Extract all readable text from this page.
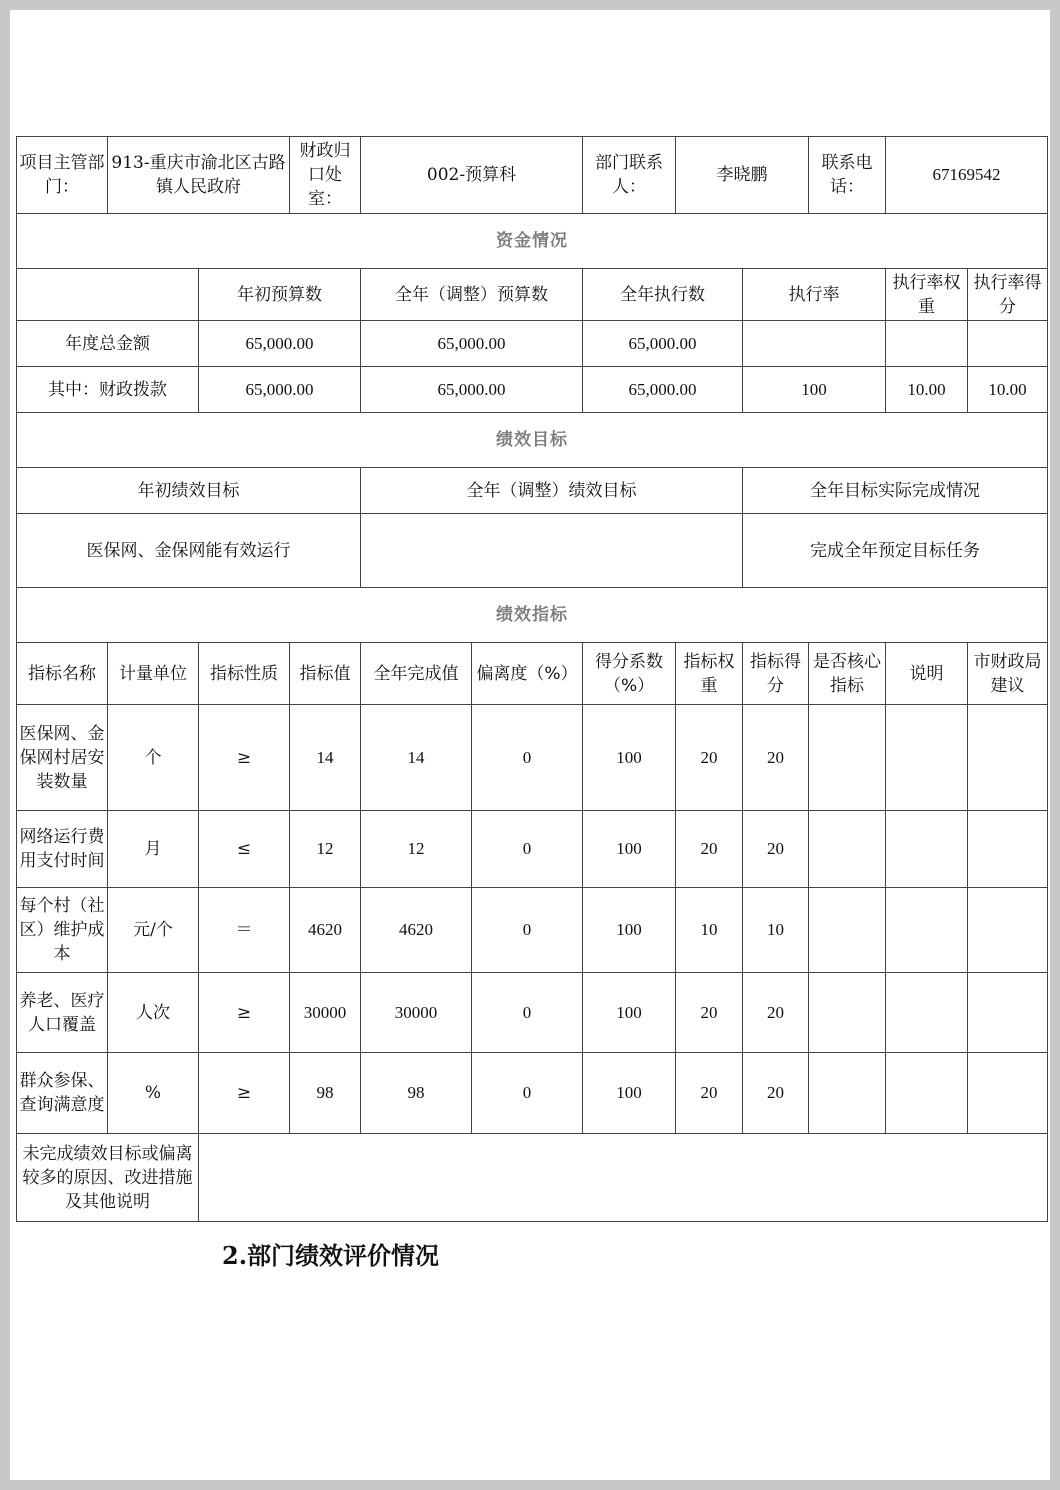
项目主管部门：	913-重庆市渝北区古路镇人民政府		财政归口处室：	002-预算科		部门联系人：	李晓鹏		联系电话：	67169542	
资金情况											
		年初预算数		全年（调整）预算数		全年执行数		执行率		执行率权重	执行率得分
年度总金额		65,000.00		65,000.00		65,000.00					
其中：财政拨款		65,000.00		65,000.00		65,000.00		100		10.00	10.00
绩效目标											
年初绩效目标				全年（调整）绩效目标				全年目标实际完成情况			
医保网、金保网能有效运行								完成全年预定目标任务			
绩效指标											
指标名称	计量单位	指标性质	指标值	全年完成值	偏离度（%）	得分系数（%）	指标权重	指标得分	是否核心指标	说明	市财政局建议
医保网、金保网村居安装数量	个	≥	14	14	0	100	20	20			
网络运行费用支付时间	月	≤	12	12	0	100	20	20			
每个村（社区）维护成本	元/个	＝	4620	4620	0	100	10	10			
养老、医疗人口覆盖	人次	≥	30000	30000	0	100	20	20			
群众参保、查询满意度	%	≥	98	98	0	100	20	20			
未完成绩效目标或偏离较多的原因、改进措施及其他说明											
2.部门绩效评价情况
